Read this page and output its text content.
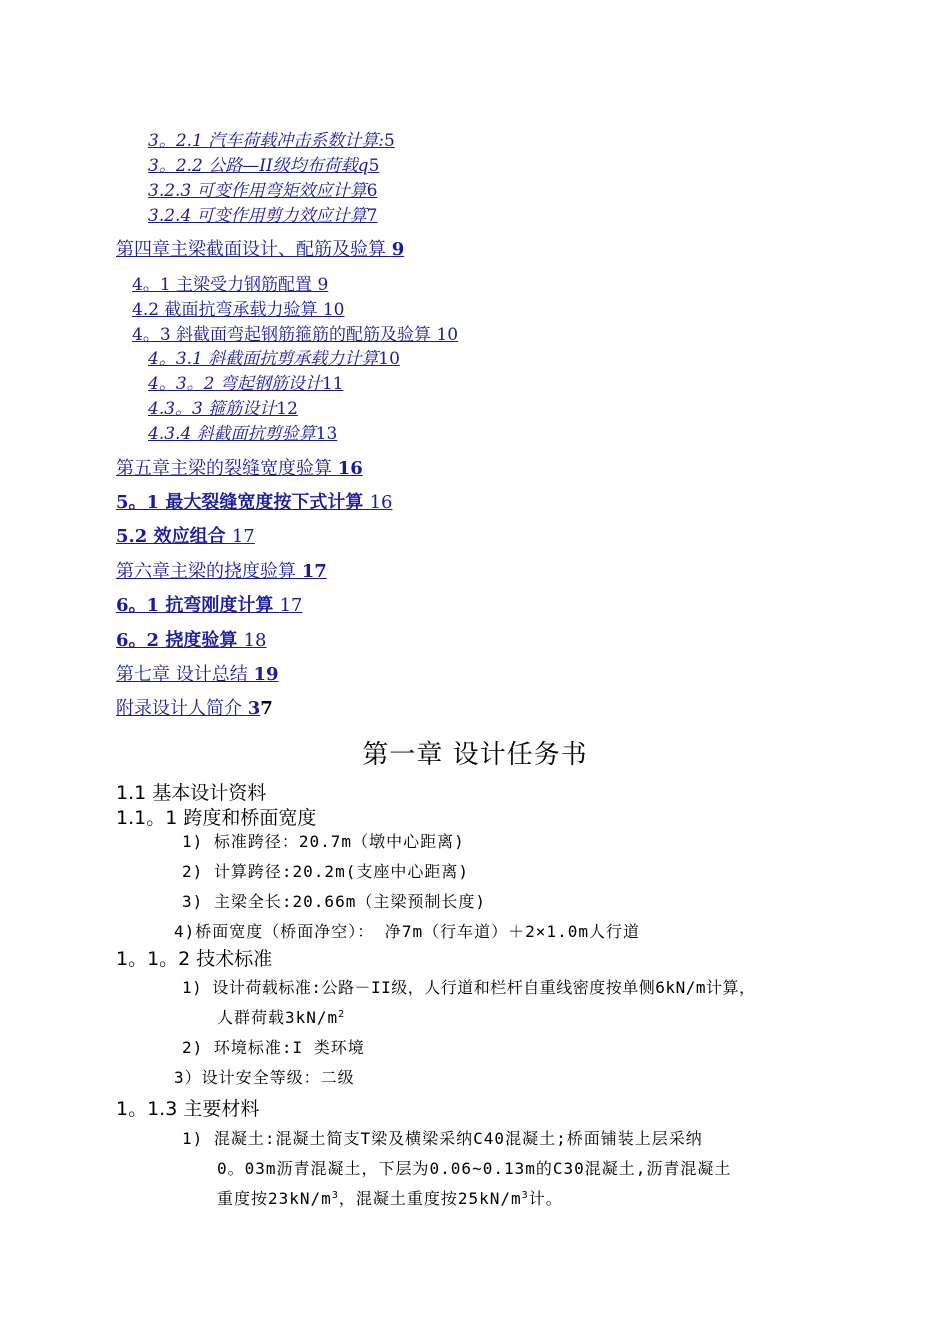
3。2.1 汽车荷载冲击系数计算:5
3。2.2 公路—II级均布荷载q5
3.2.3 可变作用弯矩效应计算6
3.2.4 可变作用剪力效应计算7
第四章主梁截面设计、配筋及验算 9
4。1 主梁受力钢筋配置 9
4.2 截面抗弯承载力验算 10
4。3 斜截面弯起钢筋箍筋的配筋及验算 10
4。3.1 斜截面抗剪承载力计算10
4。3。2 弯起钢筋设计11
4.3。3 箍筋设计12
4.3.4 斜截面抗剪验算13
第五章主梁的裂缝宽度验算 16
5。1 最大裂缝宽度按下式计算 16
5.2 效应组合 17
第六章主梁的挠度验算 17
6。1 抗弯刚度计算 17
6。2 挠度验算 18
第七章 设计总结 19
附录设计人简介 37
第一章 设计任务书
1.1 基本设计资料
1.1。1 跨度和桥面宽度
1) 标准跨径：20.7m（墩中心距离)
2) 计算跨径:20.2m(支座中心距离)
3) 主梁全长:20.66m（主梁预制长度)
4)桥面宽度（桥面净空）： 净7m（行车道）＋2×1.0m人行道
1。1。2 技术标准
1) 设计荷载标准:公路－II级，人行道和栏杆自重线密度按单侧6kN/m计算，
人群荷载$3kN/m^2$
2) 环境标准:I 类环境
3）设计安全等级：二级
1。1.3 主要材料
1) 混凝土:混凝土简支T梁及横梁采纳C40混凝土;桥面铺装上层采纳
0。03m沥青混凝土，下层为0.06~0.13m的C30混凝土,沥青混凝土
重度按$23kN/m^3$，混凝土重度按$25kN/m^3$计。
